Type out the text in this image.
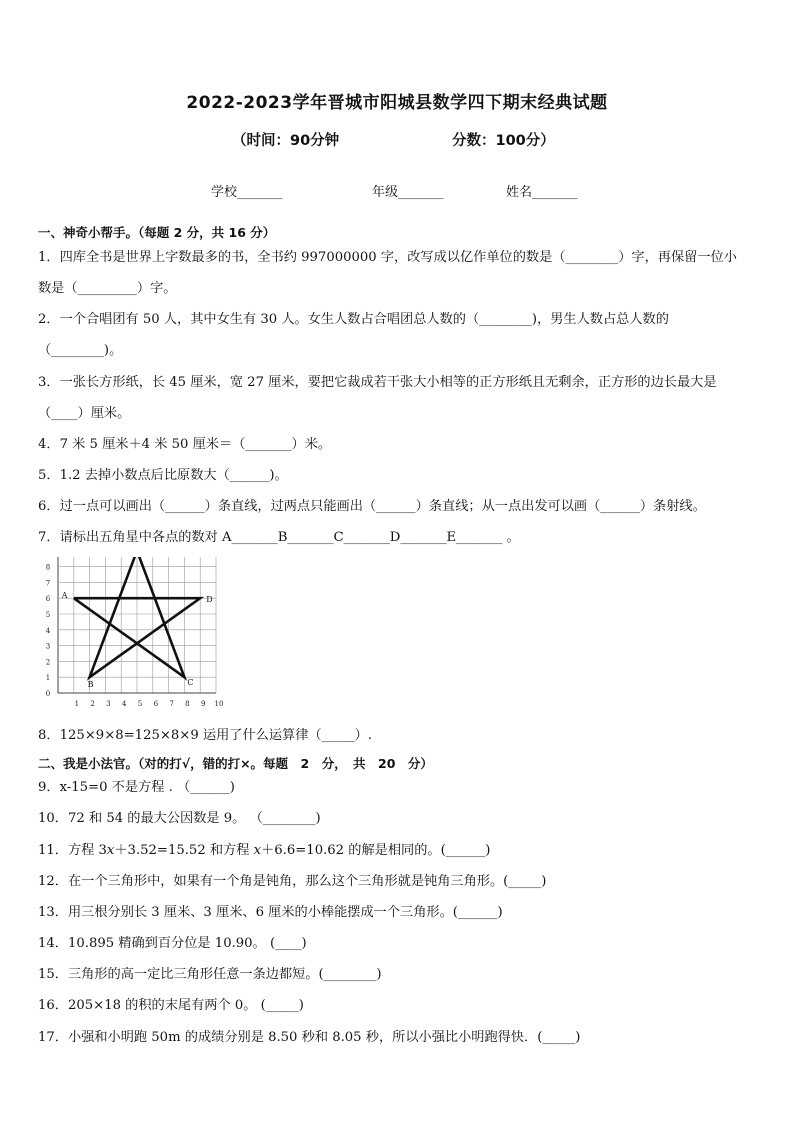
2022-2023学年晋城市阳城县数学四下期末经典试题
（时间：90分钟	分数：100分）
学校_______	年级_______	姓名_______
一、神奇小帮手。（每题 2 分，共 16 分）
1．四库全书是世界上字数最多的书，全书约 997000000 字，改写成以亿作单位的数是（________）字，再保留一位小
数是（_________）字。
2．一个合唱团有 50 人，其中女生有 30 人。女生人数占合唱团总人数的（________)，男生人数占总人数的
（________)。
3．一张长方形纸，长 45 厘米，宽 27 厘米，要把它裁成若干张大小相等的正方形纸且无剩余，正方形的边长最大是
（____）厘米。
4．7 米 5 厘米＋4 米 50 厘米＝（_______）米。
5．1.2 去掉小数点后比原数大（______)。
6．过一点可以画出（______）条直线，过两点只能画出（______）条直线；从一点出发可以画（______）条射线。
7．请标出五角星中各点的数对 A_______B_______C_______D_______E_______ 。
8
7
6
5
4
3
2
1
0
1 2 3 4 5 6 7 8 9 10
A
B	C
D
8．125×9×8=125×8×9 运用了什么运算律（_____）.
二、我是小法官。（对的打√，错的打×。每题　2　分，　共　20　分）
9．x-15=0 不是方程 . （______)
10．72 和 54 的最大公因数是 9。 （________)
11．方程 3𝑥＋3.52=15.52 和方程 𝑥＋6.6=10.62 的解是相同的。(______)
12．在一个三角形中，如果有一个角是钝角，那么这个三角形就是钝角三角形。(_____)
13．用三根分别长 3 厘米、3 厘米、6 厘米的小棒能摆成一个三角形。(______)
14．10.895 精确到百分位是 10.90。 (____)
15．三角形的高一定比三角形任意一条边都短。(________)
16．205×18 的积的末尾有两个 0。 (_____)
17．小强和小明跑 50m 的成绩分别是 8.50 秒和 8.05 秒，所以小强比小明跑得快．(_____)
